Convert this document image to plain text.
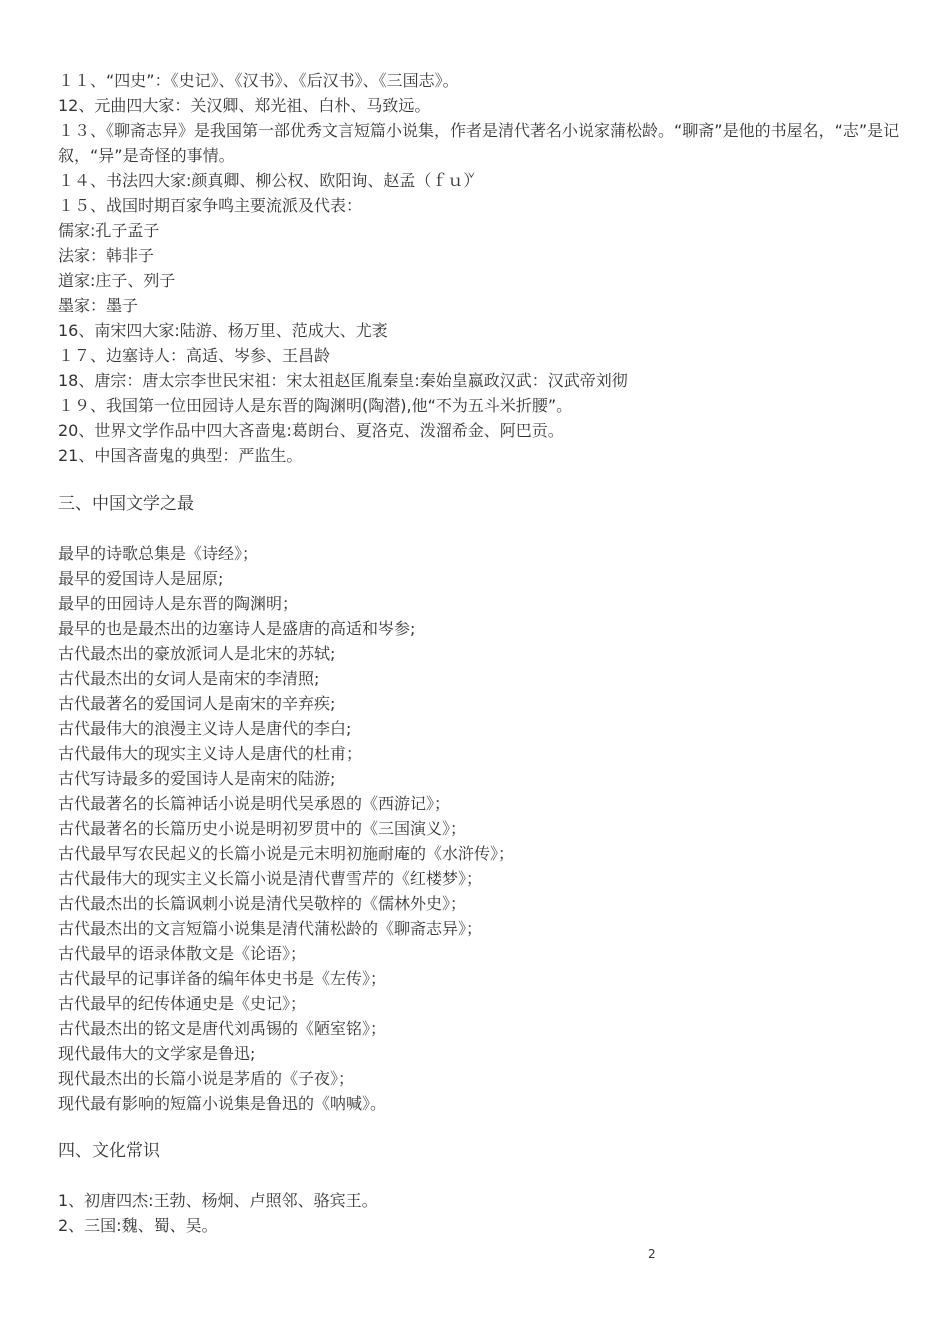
１１、“四史”：《史记》、《汉书》、《后汉书》、《三国志》。
12、元曲四大家：关汉卿、郑光祖、白朴、马致远。
１３、《聊斋志异》是我国第一部优秀文言短篇小说集，作者是清代著名小说家蒲松龄。“聊斋”是他的书屋名，“志”是记叙，“异”是奇怪的事情。
１４、书法四大家:颜真卿、柳公权、欧阳询、赵孟（ｆｕ̌）
１５、战国时期百家争鸣主要流派及代表：
儒家:孔子孟子
法家：韩非子
道家:庄子、列子
墨家：墨子
16、南宋四大家:陆游、杨万里、范成大、尤袤
１７、边塞诗人：高适、岑参、王昌龄
18、唐宗：唐太宗李世民宋祖：宋太祖赵匡胤秦皇:秦始皇嬴政汉武：汉武帝刘彻
１９、我国第一位田园诗人是东晋的陶渊明(陶潜),他“不为五斗米折腰”。
20、世界文学作品中四大吝啬鬼:葛朗台、夏洛克、泼溜希金、阿巴贡。
21、中国吝啬鬼的典型：严监生。
三、中国文学之最
最早的诗歌总集是《诗经》；
最早的爱国诗人是屈原;
最早的田园诗人是东晋的陶渊明；
最早的也是最杰出的边塞诗人是盛唐的高适和岑参;
古代最杰出的豪放派词人是北宋的苏轼;
古代最杰出的女词人是南宋的李清照;
古代最著名的爱国词人是南宋的辛弃疾;
古代最伟大的浪漫主义诗人是唐代的李白;
古代最伟大的现实主义诗人是唐代的杜甫；
古代写诗最多的爱国诗人是南宋的陆游;
古代最著名的长篇神话小说是明代吴承恩的《西游记》；
古代最著名的长篇历史小说是明初罗贯中的《三国演义》；
古代最早写农民起义的长篇小说是元末明初施耐庵的《水浒传》；
古代最伟大的现实主义长篇小说是清代曹雪芹的《红楼梦》；
古代最杰出的长篇讽刺小说是清代吴敬梓的《儒林外史》；
古代最杰出的文言短篇小说集是清代蒲松龄的《聊斋志异》；
古代最早的语录体散文是《论语》；
古代最早的记事详备的编年体史书是《左传》；
古代最早的纪传体通史是《史记》；
古代最杰出的铭文是唐代刘禹锡的《陋室铭》；
现代最伟大的文学家是鲁迅;
现代最杰出的长篇小说是茅盾的《子夜》；
现代最有影响的短篇小说集是鲁迅的《呐喊》。
四、文化常识
1、初唐四杰:王勃、杨炯、卢照邻、骆宾王。
2、三国:魏、蜀、吴。
2
